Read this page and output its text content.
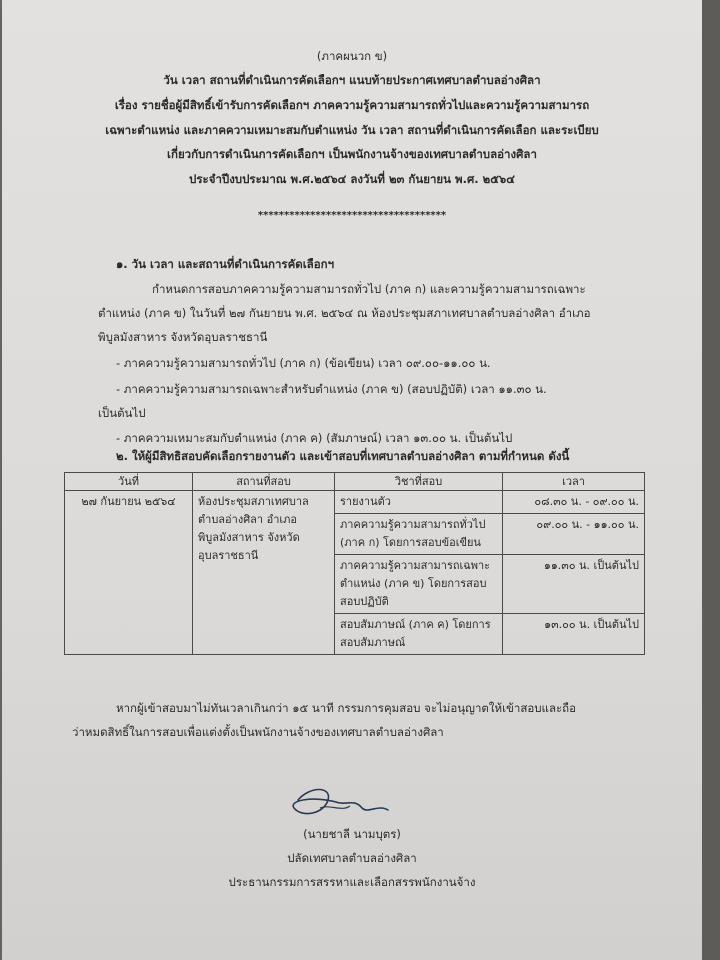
(ภาคผนวก ข)
วัน เวลา สถานที่ดำเนินการคัดเลือกฯ แนบท้ายประกาศเทศบาลตำบลอ่างศิลา
เรื่อง รายชื่อผู้มีสิทธิ์เข้ารับการคัดเลือกฯ ภาคความรู้ความสามารถทั่วไปและความรู้ความสามารถ
เฉพาะตำแหน่ง และภาคความเหมาะสมกับตำแหน่ง วัน เวลา สถานที่ดำเนินการคัดเลือก และระเบียบ
เกี่ยวกับการดำเนินการคัดเลือกฯ เป็นพนักงานจ้างของเทศบาลตำบลอ่างศิลา
ประจำปีงบประมาณ พ.ศ.๒๕๖๔ ลงวันที่ ๒๓ กันยายน พ.ศ. ๒๕๖๔
************************************
๑. วัน เวลา และสถานที่ดำเนินการคัดเลือกฯ
กำหนดการสอบภาคความรู้ความสามารถทั่วไป (ภาค ก) และความรู้ความสามารถเฉพาะ
ตำแหน่ง (ภาค ข) ในวันที่ ๒๗ กันยายน พ.ศ. ๒๕๖๔ ณ ห้องประชุมสภาเทศบาลตำบลอ่างศิลา อำเภอ
พิบูลมังสาหาร จังหวัดอุบลราชธานี
- ภาคความรู้ความสามารถทั่วไป (ภาค ก) (ข้อเขียน) เวลา ๐๙.๐๐-๑๑.๐๐ น.
- ภาคความรู้ความสามารถเฉพาะสำหรับตำแหน่ง (ภาค ข) (สอบปฏิบัติ) เวลา ๑๑.๓๐ น.
เป็นต้นไป
- ภาคความเหมาะสมกับตำแหน่ง (ภาค ค) (สัมภาษณ์) เวลา ๑๓.๐๐ น. เป็นต้นไป
๒. ให้ผู้มีสิทธิสอบคัดเลือกรายงานตัว และเข้าสอบที่เทศบาลตำบลอ่างศิลา ตามที่กำหนด ดังนี้
วันที่	สถานที่สอบ	วิชาที่สอบ	เวลา
๒๗ กันยายน ๒๕๖๔	ห้องประชุมสภาเทศบาลตำบลอ่างศิลา อำเภอพิบูลมังสาหาร จังหวัดอุบลราชธานี	รายงานตัว	๐๘.๓๐ น. - ๐๙.๐๐ น.
		ภาคความรู้ความสามารถทั่วไป (ภาค ก) โดยการสอบข้อเขียน	๐๙.๐๐ น. - ๑๑.๐๐ น.
		ภาคความรู้ความสามารถเฉพาะตำแหน่ง (ภาค ข) โดยการสอบสอบปฏิบัติ	๑๑.๓๐ น. เป็นต้นไป
		สอบสัมภาษณ์ (ภาค ค) โดยการสอบสัมภาษณ์	๑๓.๐๐ น. เป็นต้นไป
หากผู้เข้าสอบมาไม่ทันเวลาเกินกว่า ๑๕ นาที กรรมการคุมสอบ จะไม่อนุญาตให้เข้าสอบและถือ
ว่าหมดสิทธิ์ในการสอบเพื่อแต่งตั้งเป็นพนักงานจ้างของเทศบาลตำบลอ่างศิลา
(นายชาลี นามบุตร)
ปลัดเทศบาลตำบลอ่างศิลา
ประธานกรรมการสรรหาและเลือกสรรพนักงานจ้าง
